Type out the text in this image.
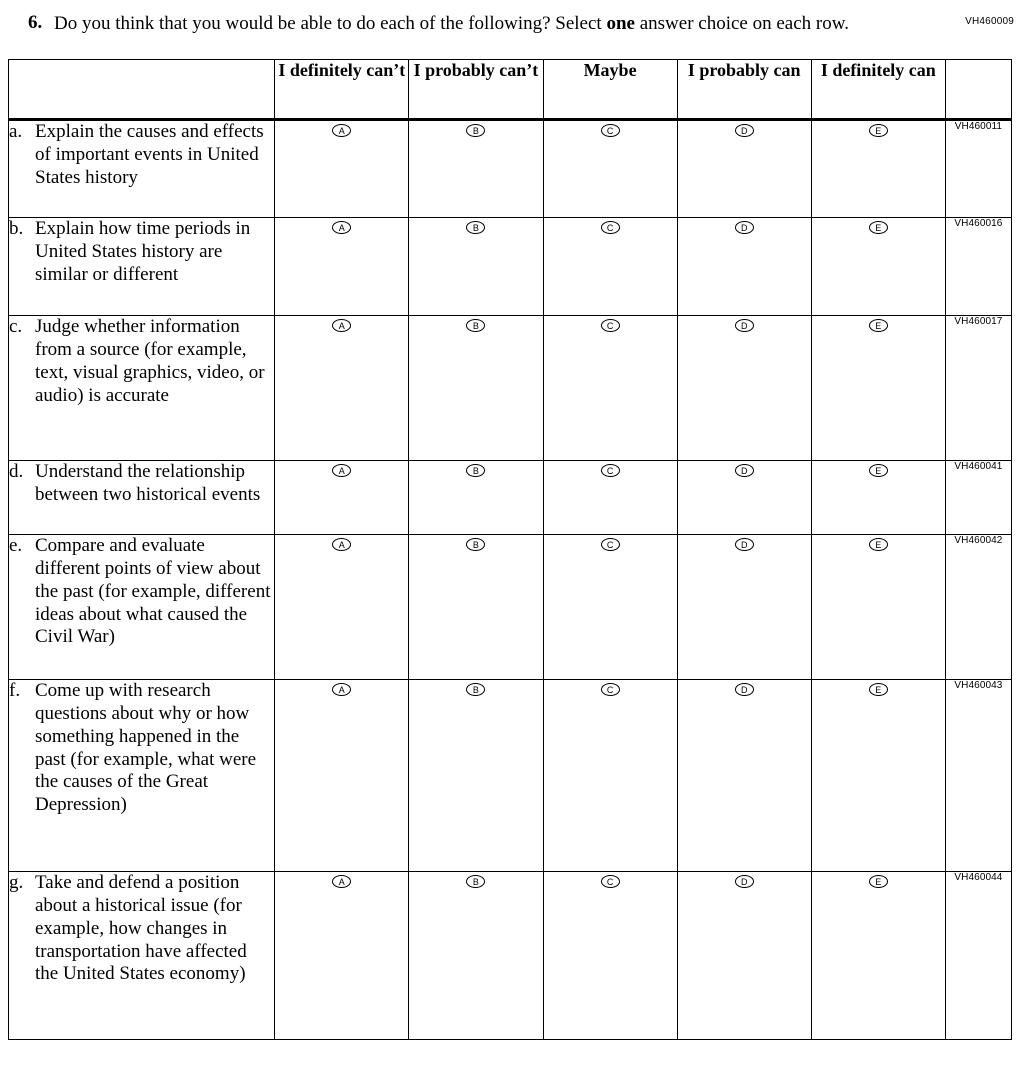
VH460009
6. Do you think that you would be able to do each of the following? Select one answer choice on each row.
	I definitely can’t	I probably can’t	Maybe	I probably can	I definitely can	

a. Explain the causes and effects of important events in United States history	A	B	C	D	E	VH460011

b. Explain how time periods in United States history are similar or different	A	B	C	D	E	VH460016

c. Judge whether information from a source (for example, text, visual graphics, video, or audio) is accurate	A	B	C	D	E	VH460017

d. Understand the relationship between two historical events	A	B	C	D	E	VH460041

e. Compare and evaluate different points of view about the past (for example, different ideas about what caused the Civil War)	A	B	C	D	E	VH460042

f. Come up with research questions about why or how something happened in the past (for example, what were the causes of the Great Depression)	A	B	C	D	E	VH460043

g. Take and defend a position about a historical issue (for example, how changes in transportation have affected the United States economy)	A	B	C	D	E	VH460044
